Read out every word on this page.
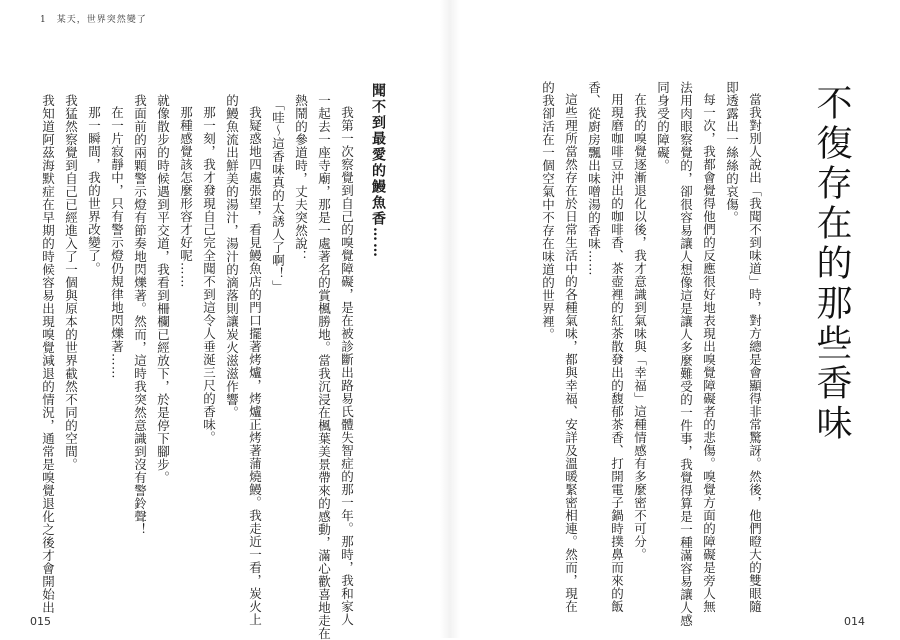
1　某天，世界突然變了
聞不到最愛的鰻魚香……
我第一次察覺到自己的嗅覺障礙，是在被診斷出路易氏體失智症的那一年。那時，我和家人
一起去一座寺廟，那是一處著名的賞楓勝地。當我沉浸在楓葉美景帶來的感動，滿心歡喜地走在
熱鬧的參道時，丈夫突然說：
「哇～這香味真的太誘人了啊！」
我疑惑地四處張望，看見鰻魚店的門口擺著烤爐，烤爐正烤著蒲燒鰻。我走近一看，炭火上
的鰻魚流出鮮美的湯汁，湯汁的滴落則讓炭火滋滋作響。
那一刻，我才發現自己完全聞不到這令人垂涎三尺的香味。
那種感覺該怎麼形容才好呢……
就像散步的時候遇到平交道，我看到柵欄已經放下，於是停下腳步。
我面前的兩顆警示燈有節奏地閃爍著。然而，這時我突然意識到沒有警鈴聲！
在一片寂靜中，只有警示燈仍規律地閃爍著……
那一瞬間，我的世界改變了。
我猛然察覺到自己已經進入了一個與原本的世界截然不同的空間。
我知道阿茲海默症在早期的時候容易出現嗅覺減退的情況，通常是嗅覺退化之後才會開始出
015
不復存在的那些香味
當我對別人說出「我聞不到味道」時，對方總是會顯得非常驚訝。然後，他們瞪大的雙眼隨
即透露出一絲絲的哀傷。
每一次，我都會覺得他們的反應很好地表現出嗅覺障礙者的悲傷。嗅覺方面的障礙是旁人無
法用肉眼察覺的，卻很容易讓人想像這是讓人多麼難受的一件事，我覺得算是一種滿容易讓人感
同身受的障礙。
在我的嗅覺逐漸退化以後，我才意識到氣味與「幸福」這種情感有多麼密不可分。
用現磨咖啡豆沖出的咖啡香、茶壺裡的紅茶散發出的馥郁茶香、打開電子鍋時撲鼻而來的飯
香、從廚房飄出味噌湯的香味……
這些理所當然存在於日常生活中的各種氣味，都與幸福、安詳及溫暖緊密相連。然而，現在
的我卻活在一個空氣中不存在味道的世界裡。
014
